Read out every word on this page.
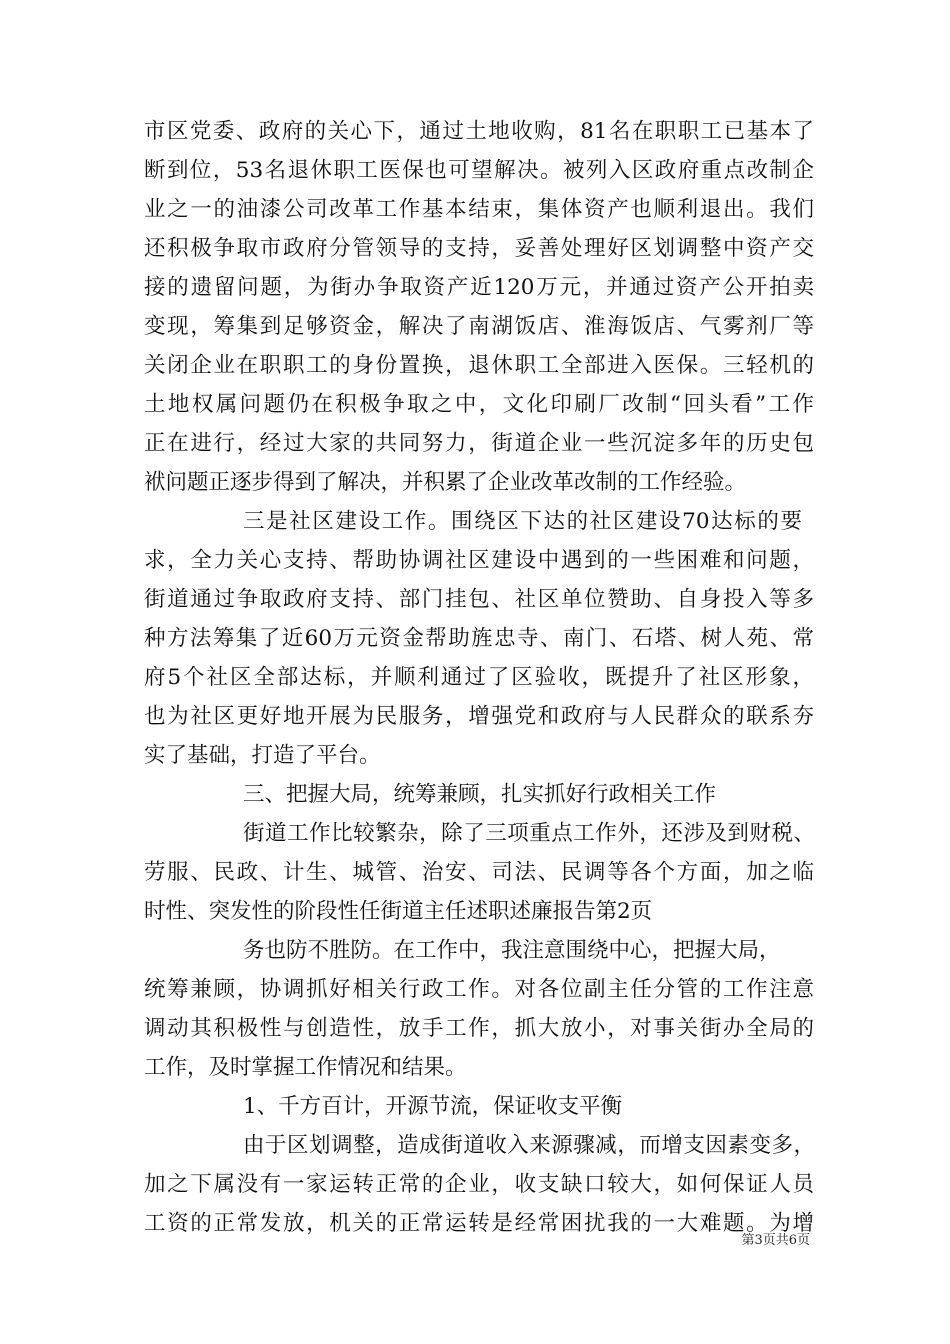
市区党委、政府的关心下，通过土地收购，81名在职职工已基本了
断到位，53名退休职工医保也可望解决。被列入区政府重点改制企
业之一的油漆公司改革工作基本结束，集体资产也顺利退出。我们
还积极争取市政府分管领导的支持，妥善处理好区划调整中资产交
接的遗留问题，为街办争取资产近120万元，并通过资产公开拍卖
变现，筹集到足够资金，解决了南湖饭店、淮海饭店、气雾剂厂等
关闭企业在职职工的身份置换，退休职工全部进入医保。三轻机的
土地权属问题仍在积极争取之中，文化印刷厂改制“回头看”工作
正在进行，经过大家的共同努力，街道企业一些沉淀多年的历史包
袱问题正逐步得到了解决，并积累了企业改革改制的工作经验。
三是社区建设工作。围绕区下达的社区建设70达标的要
求，全力关心支持、帮助协调社区建设中遇到的一些困难和问题，
街道通过争取政府支持、部门挂包、社区单位赞助、自身投入等多
种方法筹集了近60万元资金帮助旌忠寺、南门、石塔、树人苑、常
府5个社区全部达标，并顺利通过了区验收，既提升了社区形象，
也为社区更好地开展为民服务，增强党和政府与人民群众的联系夯
实了基础，打造了平台。
三、把握大局，统筹兼顾，扎实抓好行政相关工作
街道工作比较繁杂，除了三项重点工作外，还涉及到财税、
劳服、民政、计生、城管、治安、司法、民调等各个方面，加之临
时性、突发性的阶段性任街道主任述职述廉报告第2页
务也防不胜防。在工作中，我注意围绕中心，把握大局，
统筹兼顾，协调抓好相关行政工作。对各位副主任分管的工作注意
调动其积极性与创造性，放手工作，抓大放小，对事关街办全局的
工作，及时掌握工作情况和结果。
1、千方百计，开源节流，保证收支平衡
由于区划调整，造成街道收入来源骤减，而增支因素变多，
加之下属没有一家运转正常的企业，收支缺口较大，如何保证人员
工资的正常发放，机关的正常运转是经常困扰我的一大难题。为增
第3页共6页
